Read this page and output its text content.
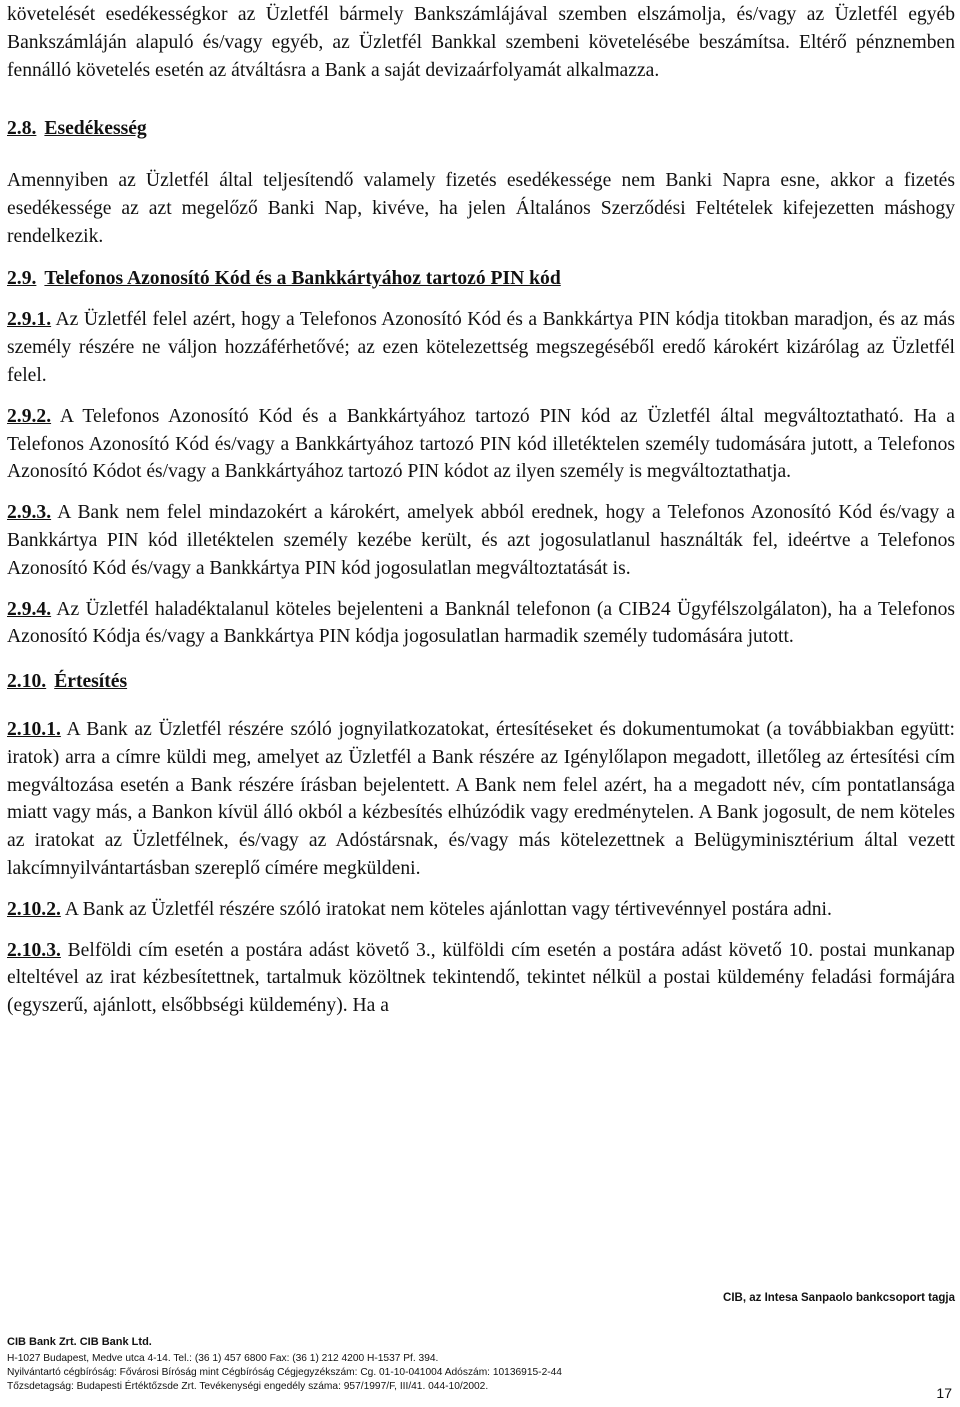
követelését esedékességkor az Üzletfél bármely Bankszámlájával szemben elszámolja, és/vagy az Üzletfél egyéb Bankszámláján alapuló és/vagy egyéb, az Üzletfél Bankkal szembeni követelésébe beszámítsa. Eltérő pénznemben fennálló követelés esetén az átváltásra a Bank a saját devizaárfolyamát alkalmazza.

2.8. Esedékesség

Amennyiben az Üzletfél által teljesítendő valamely fizetés esedékessége nem Banki Napra esne, akkor a fizetés esedékessége az azt megelőző Banki Nap, kivéve, ha jelen Általános Szerződési Feltételek kifejezetten máshogy rendelkezik.

2.9. Telefonos Azonosító Kód és a Bankkártyához tartozó PIN kód

2.9.1. Az Üzletfél felel azért, hogy a Telefonos Azonosító Kód és a Bankkártya PIN kódja titokban maradjon, és az más személy részére ne váljon hozzáférhetővé; az ezen kötelezettség megszegéséből eredő károkért kizárólag az Üzletfél felel.

2.9.2. A Telefonos Azonosító Kód és a Bankkártyához tartozó PIN kód az Üzletfél által megváltoztatható. Ha a Telefonos Azonosító Kód és/vagy a Bankkártyához tartozó PIN kód illetéktelen személy tudomására jutott, a Telefonos Azonosító Kódot és/vagy a Bankkártyához tartozó PIN kódot az ilyen személy is megváltoztathatja.

2.9.3. A Bank nem felel mindazokért a károkért, amelyek abból erednek, hogy a Telefonos Azonosító Kód és/vagy a Bankkártya PIN kód illetéktelen személy kezébe került, és azt jogosulatlanul használták fel, ideértve a Telefonos Azonosító Kód és/vagy a Bankkártya PIN kód jogosulatlan megváltoztatását is.

2.9.4. Az Üzletfél haladéktalanul köteles bejelenteni a Banknál telefonon (a CIB24 Ügyfélszolgálaton), ha a Telefonos Azonosító Kódja és/vagy a Bankkártya PIN kódja jogosulatlan harmadik személy tudomására jutott.

2.10. Értesítés

2.10.1. A Bank az Üzletfél részére szóló jognyilatkozatokat, értesítéseket és dokumentumokat (a továbbiakban együtt: iratok) arra a címre küldi meg, amelyet az Üzletfél a Bank részére az Igénylőlapon megadott, illetőleg az értesítési cím megváltozása esetén a Bank részére írásban bejelentett. A Bank nem felel azért, ha a megadott név, cím pontatlansága miatt vagy más, a Bankon kívül álló okból a kézbesítés elhúzódik vagy eredménytelen. A Bank jogosult, de nem köteles az iratokat az Üzletfélnek, és/vagy az Adóstársnak, és/vagy más kötelezettnek a Belügyminisztérium által vezett lakcímnyilvántartásban szereplő címére megküldeni.

2.10.2. A Bank az Üzletfél részére szóló iratokat nem köteles ajánlottan vagy tértivevénnyel postára adni.

2.10.3. Belföldi cím esetén a postára adást követő 3., külföldi cím esetén a postára adást követő 10. postai munkanap elteltével az irat kézbesítettnek, tartalmuk közöltnek tekintendő, tekintet nélkül a postai küldemény feladási formájára (egyszerű, ajánlott, elsőbbségi küldemény). Ha a

CIB, az Intesa Sanpaolo bankcsoport tagja
CIB Bank Zrt. CIB Bank Ltd.
H-1027 Budapest, Medve utca 4-14. Tel.: (36 1) 457 6800 Fax: (36 1) 212 4200 H-1537 Pf. 394.
Nyilvántartó cégbíróság: Fővárosi Bíróság mint Cégbíróság Cégjegyzékszám: Cg. 01-10-041004 Adószám: 10136915-2-44
Tőzsdetagság: Budapesti Értéktőzsde Zrt. Tevékenységi engedély száma: 957/1997/F, III/41. 044-10/2002.	17
